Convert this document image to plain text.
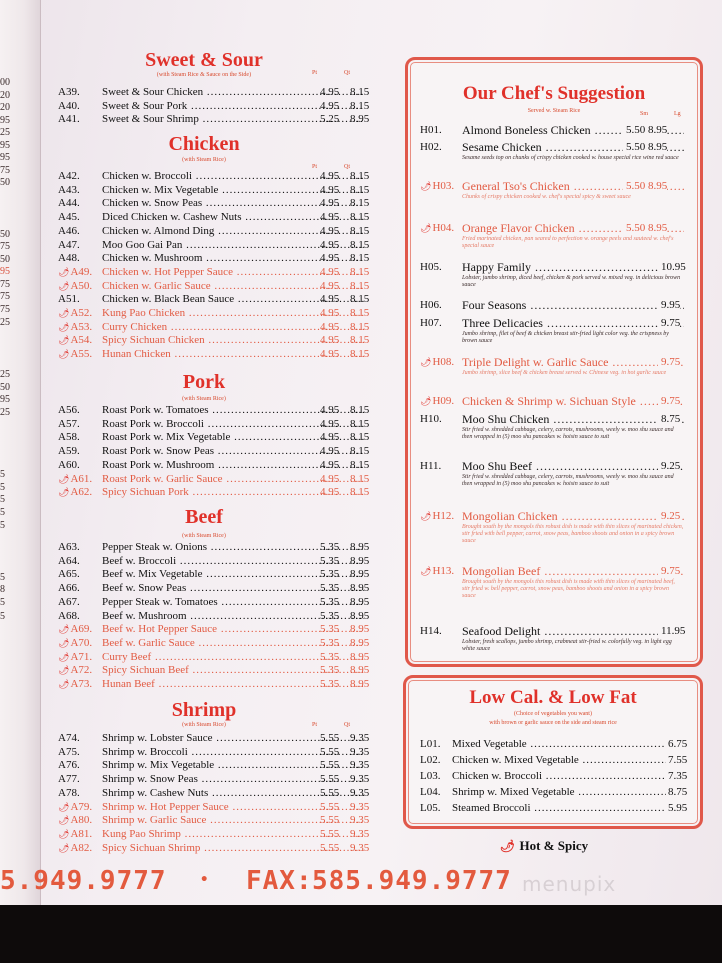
Sweet & Sour
(with Steam Rice & Sauce on the Side)	Pt	Qt
A39.	Sweet & Sour Chicken .....	4.95 8.15
A40.	Sweet & Sour Pork .....	4.95 8.15
A41.	Sweet & Sour Shrimp .....	5.25 8.95
Chicken
(with Steam Rice)
Pt	Qt
A42.	Chicken w. Broccoli .....	4.95 8.15
A43.	Chicken w. Mix Vegetable .....	4.95 8.15
A44.	Chicken w. Snow Peas .....	4.95 8.15
A45.	Diced Chicken w. Cashew Nuts .....	4.95 8.15
A46.	Chicken w. Almond Ding .....	4.95 8.15
A47.	Moo Goo Gai Pan .....	4.95 8.15
A48.	Chicken w. Mushroom .....	4.95 8.15
🌶︎A49. Chicken w. Hot Pepper Sauce .....	4.95 8.15
🌶︎A50. Chicken w. Garlic Sauce .....	4.95 8.15
A51.	Chicken w. Black Bean Sauce .....	4.95 8.15
🌶︎A52. Kung Pao Chicken .....	4.95 8.15
🌶︎A53. Curry Chicken .....	4.95 8.15
🌶︎A54. Spicy Sichuan Chicken .....	4.95 8.15
🌶︎A55. Hunan Chicken .....	4.95 8.15
Pork
(with Steam Rice)
A56.	Roast Pork w. Tomatoes .....	4.95 8.15
A57.	Roast Pork w. Broccoli .....	4.95 8.15
A58.	Roast Pork w. Mix Vegetable .....	4.95 8.15
A59.	Roast Pork w. Snow Peas .....	4.95 8.15
A60.	Roast Pork w. Mushroom .....	4.95 8.15
🌶︎A61. Roast Pork w. Garlic Sauce .....	4.95 8.15
🌶︎A62. Spicy Sichuan Pork .....	4.95 8.15
Beef
(with Steam Rice)
A63.	Pepper Steak w. Onions .....	5.35 8.95
A64.	Beef w. Broccoli .....	5.35 8.95
A65.	Beef w. Mix Vegetable .....	5.35 8.95
A66.	Beef w. Snow Peas .....	5.35 8.95
A67.	Pepper Steak w. Tomatoes .....	5.35 8.95
A68.	Beef w. Mushroom .....	5.35 8.95
🌶︎A69. Beef w. Hot Pepper Sauce .....	5.35 8.95
🌶︎A70. Beef w. Garlic Sauce .....	5.35 8.95
🌶︎A71. Curry Beef .....	5.35 8.95
🌶︎A72. Spicy Sichuan Beef .....	5.35 8.95
🌶︎A73. Hunan Beef .....	5.35 8.95
Shrimp
(with Steam Rice)	Pt	Qt
A74.	Shrimp w. Lobster Sauce .....	5.55 9.35
A75.	Shrimp w. Broccoli .....	5.55 9.35
A76.	Shrimp w. Mix Vegetable .....	5.55 9.35
A77.	Shrimp w. Snow Peas .....	5.55 9.35
A78.	Shrimp w. Cashew Nuts .....	5.55 9.35
🌶︎A79. Shrimp w. Hot Pepper Sauce .....	5.55 9.35
🌶︎A80. Shrimp w. Garlic Sauce .....	5.55 9.35
🌶︎A81. Kung Pao Shrimp .....	5.55 9.35
🌶︎A82. Spicy Sichuan Shrimp .....	5.55 9.35
Our Chef's Suggestion
Served w. Steam Rice	Sm	Lg
H01. Almond Boneless Chicken .....	5.50 8.95
H02. Sesame Chicken .....	5.50 8.95
Sesame seeds top on chunks of crispy chicken cooked w. house special rice wine red sauce
🌶︎H03. General Tso's Chicken .....	5.50 8.95
Chunks of crispy chicken cooked w. chef's special spicy & sweet sauce
🌶︎H04. Orange Flavor Chicken .....	5.50 8.95
Fried marinated chicken, pan seared to perfection w. orange peels and sauteed w. chef's special sauce
H05. Happy Family .....	10.95
Lobster, jumbo shrimp, diced beef, chicken & pork served w. mixed veg. in delicious brown sauce
H06. Four Seasons .....	9.95
H07. Three Delicacies .....	9.75
Jumbo shrimp, filet of beef & chicken breast stir-fried light color veg. the crispness by brown sauce
🌶︎H08. Triple Delight w. Garlic Sauce .....	9.75
Jumbo shrimp, slice beef & chicken breast served w. Chinese veg. in hot garlic sauce
🌶︎H09. Chicken & Shrimp w. Sichuan Style .....	9.75
H10. Moo Shu Chicken .....	8.75
Stir fried w. shredded cabbage, celery, carrots, mushrooms, weely w. moo shu sauce and then wrapped in (5) moo shu pancakes w. hoisin sauce to suit
H11. Moo Shu Beef .....	9.25
Stir fried w. shredded cabbage, celery, carrots, mushrooms, weely w. moo shu sauce and then wrapped in (5) moo shu pancakes w. hoisin sauce to suit
🌶︎H12. Mongolian Chicken .....	9.25
Brought south by the mongols this robust dish is made with thin slices of marinated chicken, stir fried with bell pepper, carrot, snow peas, bamboo shoots and onion in a spicy brown sauce
🌶︎H13. Mongolian Beef .....	9.75
Brought south by the mongols this robust dish is made with thin slices of marinated beef, stir fried w. bell pepper, carrot, snow peas, bamboo shoots and onion in a spicy brown sauce
H14. Seafood Delight .....	11.95
Lobster, fresh scallops, jumbo shrimp, crabmeat stir-fried w. colorfully veg. in light egg white sauce
Low Cal. & Low Fat
(Choice of vegetables you want)
with brown or garlic sauce on the side and steam rice
L01. Mixed Vegetable .....	6.75
L02. Chicken w. Mixed Vegetable .....	7.55
L03. Chicken w. Broccoli .....	7.35
L04. Shrimp w. Mixed Vegetable .....	8.75
L05. Steamed Broccoli .....	5.95
🌶︎ Hot & Spicy
00
20
20
95
25
95
95
75
50
50
75
50
95
75
75
75
25
25
50
95
25
5
5
5
5
5
5
8
5
5
5.949.9777 • FAX: 585.949.9777 menupix
